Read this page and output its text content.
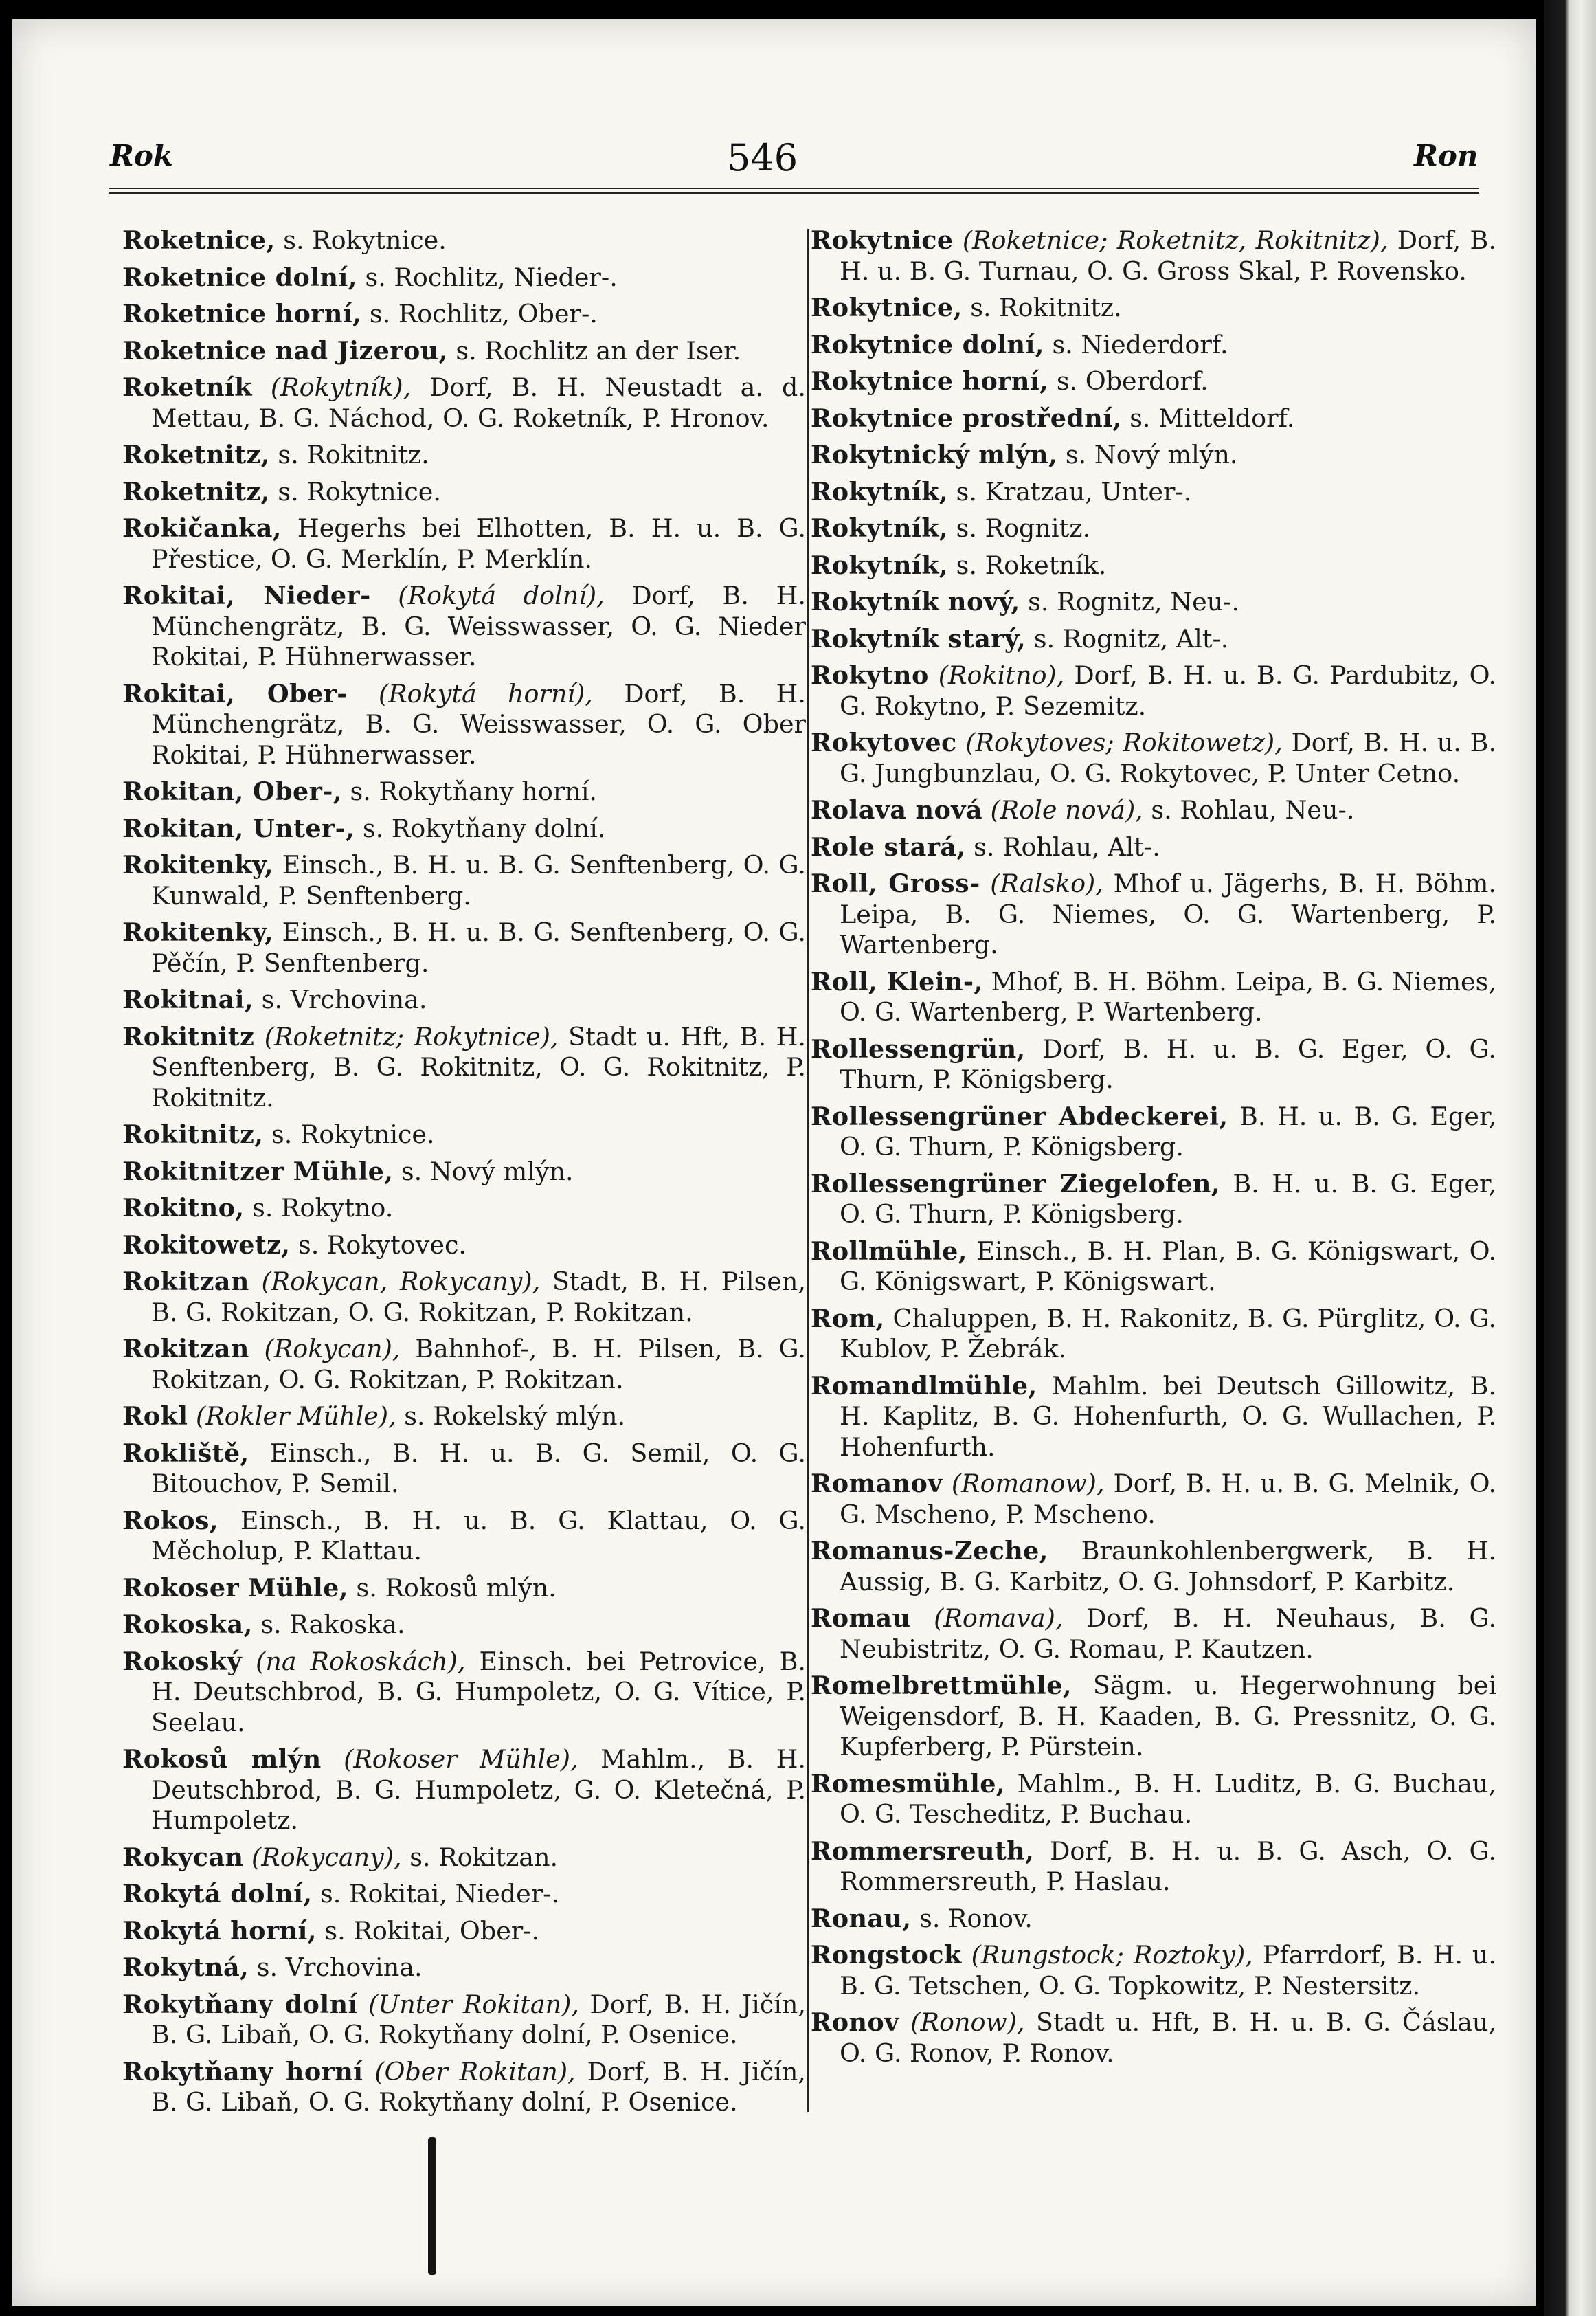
Rok	546	Ron

Roketnice, s. Rokytnice.

Roketnice dolní, s. Rochlitz, Nieder-.

Roketnice horní, s. Rochlitz, Ober-.

Roketnice nad Jizerou, s. Rochlitz an der Iser.

Roketník (Rokytník), Dorf, B. H. Neustadt a. d. Mettau, B. G. Náchod, O. G. Roketník, P. Hronov.

Roketnitz, s. Rokitnitz.

Roketnitz, s. Rokytnice.

Rokičanka, Hegerhs bei Elhotten, B. H. u. B. G. Přestice, O. G. Merklín, P. Merklín.

Rokitai, Nieder- (Rokytá dolní), Dorf, B. H. Münchengrätz, B. G. Weisswasser, O. G. Nieder Rokitai, P. Hühnerwasser.

Rokitai, Ober- (Rokytá horní), Dorf, B. H. Münchengrätz, B. G. Weisswasser, O. G. Ober Rokitai, P. Hühnerwasser.

Rokitan, Ober-, s. Rokytňany horní.

Rokitan, Unter-, s. Rokytňany dolní.

Rokitenky, Einsch., B. H. u. B. G. Senftenberg, O. G. Kunwald, P. Senftenberg.

Rokitenky, Einsch., B. H. u. B. G. Senftenberg, O. G. Pěčín, P. Senftenberg.

Rokitnai, s. Vrchovina.

Rokitnitz (Roketnitz; Rokytnice), Stadt u. Hft, B. H. Senftenberg, B. G. Rokitnitz, O. G. Rokitnitz, P. Rokitnitz.

Rokitnitz, s. Rokytnice.

Rokitnitzer Mühle, s. Nový mlýn.

Rokitno, s. Rokytno.

Rokitowetz, s. Rokytovec.

Rokitzan (Rokycan, Rokycany), Stadt, B. H. Pilsen, B. G. Rokitzan, O. G. Rokitzan, P. Rokitzan.

Rokitzan (Rokycan), Bahnhof-, B. H. Pilsen, B. G. Rokitzan, O. G. Rokitzan, P. Rokitzan.

Rokl (Rokler Mühle), s. Rokelský mlýn.

Rokliště, Einsch., B. H. u. B. G. Semil, O. G. Bitouchov, P. Semil.

Rokos, Einsch., B. H. u. B. G. Klattau, O. G. Měcholup, P. Klattau.

Rokoser Mühle, s. Rokosů mlýn.

Rokoska, s. Rakoska.

Rokoský (na Rokoskách), Einsch. bei Petrovice, B. H. Deutschbrod, B. G. Humpoletz, O. G. Vítice, P. Seelau.

Rokosů mlýn (Rokoser Mühle), Mahlm., B. H. Deutschbrod, B. G. Humpoletz, G. O. Kletečná, P. Humpoletz.

Rokycan (Rokycany), s. Rokitzan.

Rokytá dolní, s. Rokitai, Nieder-.

Rokytá horní, s. Rokitai, Ober-.

Rokytná, s. Vrchovina.

Rokytňany dolní (Unter Rokitan), Dorf, B. H. Jičín, B. G. Libaň, O. G. Rokytňany dolní, P. Osenice.

Rokytňany horní (Ober Rokitan), Dorf, B. H. Jičín, B. G. Libaň, O. G. Rokytňany dolní, P. Osenice.

Rokytnice (Roketnice; Roketnitz, Rokitnitz), Dorf, B. H. u. B. G. Turnau, O. G. Gross Skal, P. Rovensko.

Rokytnice, s. Rokitnitz.

Rokytnice dolní, s. Niederdorf.

Rokytnice horní, s. Oberdorf.

Rokytnice prostřední, s. Mitteldorf.

Rokytnický mlýn, s. Nový mlýn.

Rokytník, s. Kratzau, Unter-.

Rokytník, s. Rognitz.

Rokytník, s. Roketník.

Rokytník nový, s. Rognitz, Neu-.

Rokytník starý, s. Rognitz, Alt-.

Rokytno (Rokitno), Dorf, B. H. u. B. G. Pardubitz, O. G. Rokytno, P. Sezemitz.

Rokytovec (Rokytoves; Rokitowetz), Dorf, B. H. u. B. G. Jungbunzlau, O. G. Rokytovec, P. Unter Cetno.

Rolava nová (Role nová), s. Rohlau, Neu-.

Role stará, s. Rohlau, Alt-.

Roll, Gross- (Ralsko), Mhof u. Jägerhs, B. H. Böhm. Leipa, B. G. Niemes, O. G. Wartenberg, P. Wartenberg.

Roll, Klein-, Mhof, B. H. Böhm. Leipa, B. G. Niemes, O. G. Wartenberg, P. Wartenberg.

Rollessengrün, Dorf, B. H. u. B. G. Eger, O. G. Thurn, P. Königsberg.

Rollessengrüner Abdeckerei, B. H. u. B. G. Eger, O. G. Thurn, P. Königsberg.

Rollessengrüner Ziegelofen, B. H. u. B. G. Eger, O. G. Thurn, P. Königsberg.

Rollmühle, Einsch., B. H. Plan, B. G. Königswart, O. G. Königswart, P. Königswart.

Rom, Chaluppen, B. H. Rakonitz, B. G. Pürglitz, O. G. Kublov, P. Žebrák.

Romandlmühle, Mahlm. bei Deutsch Gillowitz, B. H. Kaplitz, B. G. Hohenfurth, O. G. Wullachen, P. Hohenfurth.

Romanov (Romanow), Dorf, B. H. u. B. G. Melnik, O. G. Mscheno, P. Mscheno.

Romanus-Zeche, Braunkohlenbergwerk, B. H. Aussig, B. G. Karbitz, O. G. Johnsdorf, P. Karbitz.

Romau (Romava), Dorf, B. H. Neuhaus, B. G. Neubistritz, O. G. Romau, P. Kautzen.

Romelbrettmühle, Sägm. u. Hegerwohnung bei Weigensdorf, B. H. Kaaden, B. G. Pressnitz, O. G. Kupferberg, P. Pürstein.

Romesmühle, Mahlm., B. H. Luditz, B. G. Buchau, O. G. Tescheditz, P. Buchau.

Rommersreuth, Dorf, B. H. u. B. G. Asch, O. G. Rommersreuth, P. Haslau.

Ronau, s. Ronov.

Rongstock (Rungstock; Roztoky), Pfarrdorf, B. H. u. B. G. Tetschen, O. G. Topkowitz, P. Nestersitz.

Ronov (Ronow), Stadt u. Hft, B. H. u. B. G. Čáslau, O. G. Ronov, P. Ronov.
